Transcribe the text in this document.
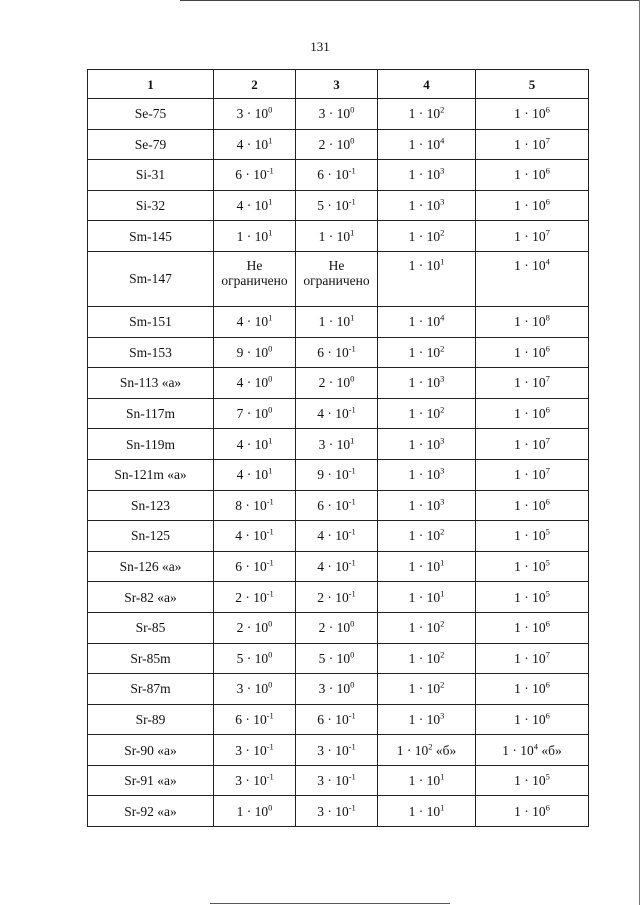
131
1	2	3	4	5
Se-75	$3 \cdot 10^0$	$3 \cdot 10^0$	$1 \cdot 10^2$	$1 \cdot 10^6$
Se-79	$4 \cdot 10^1$	$2 \cdot 10^0$	$1 \cdot 10^4$	$1 \cdot 10^7$
Si-31	$6 \cdot 10^{-1}$	$6 \cdot 10^{-1}$	$1 \cdot 10^3$	$1 \cdot 10^6$
Si-32	$4 \cdot 10^1$	$5 \cdot 10^{-1}$	$1 \cdot 10^3$	$1 \cdot 10^6$
Sm-145	$1 \cdot 10^1$	$1 \cdot 10^1$	$1 \cdot 10^2$	$1 \cdot 10^7$
Sm-147	Не ограничено	Не ограничено	$1 \cdot 10^1$	$1 \cdot 10^4$
Sm-151	$4 \cdot 10^1$	$1 \cdot 10^1$	$1 \cdot 10^4$	$1 \cdot 10^8$
Sm-153	$9 \cdot 10^0$	$6 \cdot 10^{-1}$	$1 \cdot 10^2$	$1 \cdot 10^6$
Sn-113 «а»	$4 \cdot 10^0$	$2 \cdot 10^0$	$1 \cdot 10^3$	$1 \cdot 10^7$
Sn-117m	$7 \cdot 10^0$	$4 \cdot 10^{-1}$	$1 \cdot 10^2$	$1 \cdot 10^6$
Sn-119m	$4 \cdot 10^1$	$3 \cdot 10^1$	$1 \cdot 10^3$	$1 \cdot 10^7$
Sn-121m «а»	$4 \cdot 10^1$	$9 \cdot 10^{-1}$	$1 \cdot 10^3$	$1 \cdot 10^7$
Sn-123	$8 \cdot 10^{-1}$	$6 \cdot 10^{-1}$	$1 \cdot 10^3$	$1 \cdot 10^6$
Sn-125	$4 \cdot 10^{-1}$	$4 \cdot 10^{-1}$	$1 \cdot 10^2$	$1 \cdot 10^5$
Sn-126 «а»	$6 \cdot 10^{-1}$	$4 \cdot 10^{-1}$	$1 \cdot 10^1$	$1 \cdot 10^5$
Sr-82 «а»	$2 \cdot 10^{-1}$	$2 \cdot 10^{-1}$	$1 \cdot 10^1$	$1 \cdot 10^5$
Sr-85	$2 \cdot 10^0$	$2 \cdot 10^0$	$1 \cdot 10^2$	$1 \cdot 10^6$
Sr-85m	$5 \cdot 10^0$	$5 \cdot 10^0$	$1 \cdot 10^2$	$1 \cdot 10^7$
Sr-87m	$3 \cdot 10^0$	$3 \cdot 10^0$	$1 \cdot 10^2$	$1 \cdot 10^6$
Sr-89	$6 \cdot 10^{-1}$	$6 \cdot 10^{-1}$	$1 \cdot 10^3$	$1 \cdot 10^6$
Sr-90 «а»	$3 \cdot 10^{-1}$	$3 \cdot 10^{-1}$	$1 \cdot 10^2$ «б»	$1 \cdot 10^4$ «б»
Sr-91 «а»	$3 \cdot 10^{-1}$	$3 \cdot 10^{-1}$	$1 \cdot 10^1$	$1 \cdot 10^5$
Sr-92 «а»	$1 \cdot 10^0$	$3 \cdot 10^{-1}$	$1 \cdot 10^1$	$1 \cdot 10^6$
